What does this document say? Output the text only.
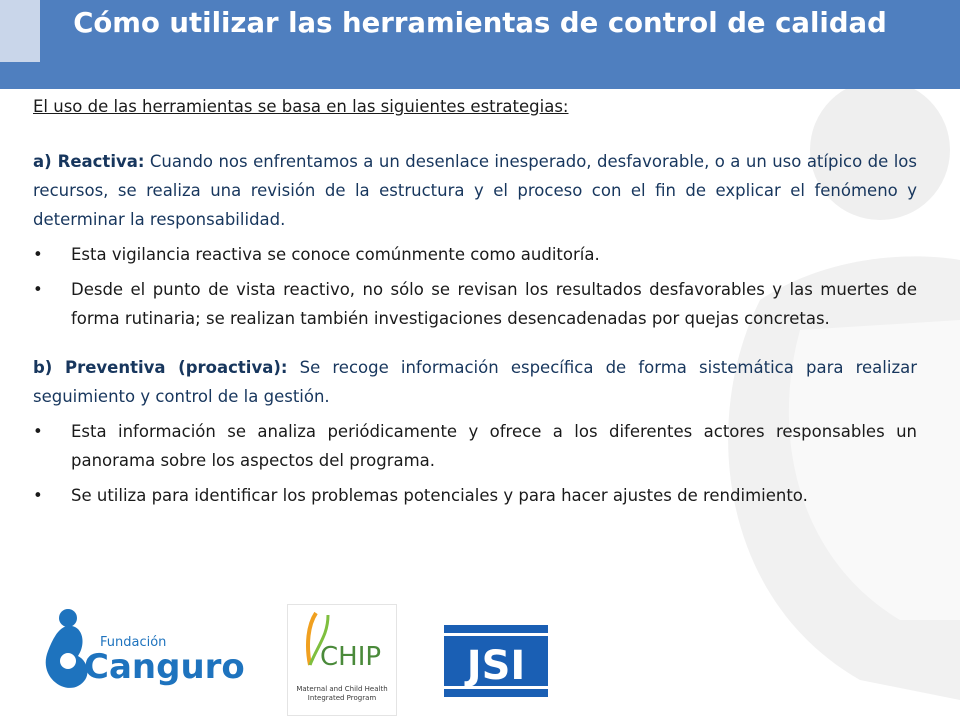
Cómo utilizar las herramientas de control de calidad

El uso de las herramientas se basa en las siguientes estrategias:

a) Reactiva: Cuando nos enfrentamos a un desenlace inesperado, desfavorable, o a un uso atípico de los recursos, se realiza una revisión de la estructura y el proceso con el fin de explicar el fenómeno y determinar la responsabilidad.

• Esta vigilancia reactiva se conoce comúnmente como auditoría.
• Desde el punto de vista reactivo, no sólo se revisan los resultados desfavorables y las muertes de forma rutinaria; se realizan también investigaciones desencadenadas por quejas concretas.

b) Preventiva (proactiva): Se recoge información específica de forma sistemática para realizar seguimiento y control de la gestión.

• Esta información se analiza periódicamente y ofrece a los diferentes actores responsables un panorama sobre los aspectos del programa.
• Se utiliza para identificar los problemas potenciales y para hacer ajustes de rendimiento.
Fundación
Canguro	CHIP
Maternal and Child Health
Integrated Program
JSI
